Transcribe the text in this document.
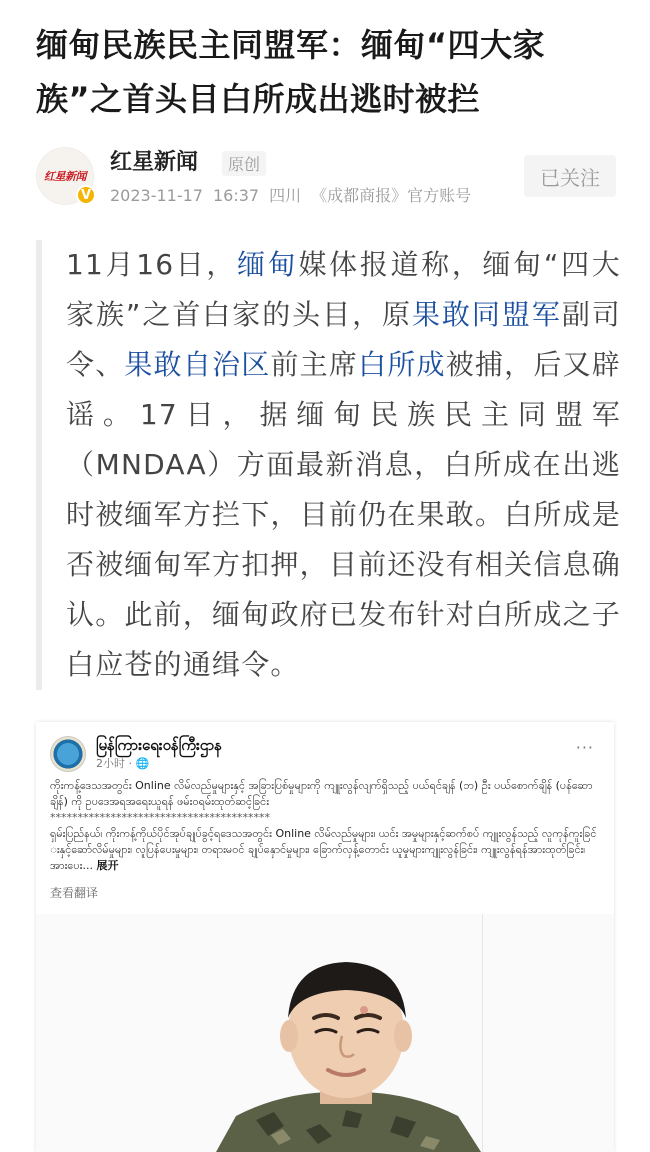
缅甸民族民主同盟军：缅甸“四大家族”之首头目白所成出逃时被拦
红星新闻
V
红星新闻	原创
2023-11-17 16:37 四川 《成都商报》官方账号
已关注

11月16日，缅甸媒体报道称，缅甸“四大家族”之首白家的头目，原果敢同盟军副司令、果敢自治区前主席白所成被捕，后又辟谣。17日，据缅甸民族民主同盟军（MNDAA）方面最新消息，白所成在出逃时被缅军方拦下，目前仍在果敢。白所成是否被缅甸军方扣押，目前还没有相关信息确认。此前，缅甸政府已发布针对白所成之子白应苍的通缉令。

မြန်ကြားရေးဝန်ကြီးဌာန
2小时 · 🌐
···

ကိုးကန့်ဒေသအတွင်း Online လိမ်လည်မှုများနှင့် အခြားပြစ်မှုများကို ကျူးလွန်လျက်ရှိသည့် ပယ်ရင်ချန် (ဘ) ဦး ပယ်စောက်ချိန် (ပန်ဆောချိန်) ကို ဥပဒေအရအရေးယူရန် ဖမ်းဝရမ်းထုတ်ဆင့်ခြင်း
****************************************
ရှမ်းပြည်နယ်၊ ကိုးကန့်ကိုယ်ပိုင်အုပ်ချုပ်ခွင့်ရဒေသအတွင်း Online လိမ်လည်မှုများ၊ ယင်း အမှုများနှင့်ဆက်စပ် ကျူးလွန်သည့် လူကုန်ကူးခြင်းနှင့်ဆော်လိမ်မှုများ၊ လူပြန်ပေးမှုများ၊ တရားမဝင် ချုပ်နှောင်မှုများ၊ ခြောက်လှန့်တောင်း ယူမှုများကျူးလွန်ခြင်း၊ ကျူးလွန်ရန်အားထုတ်ခြင်း၊ အားပေး... 展开

查看翻译
